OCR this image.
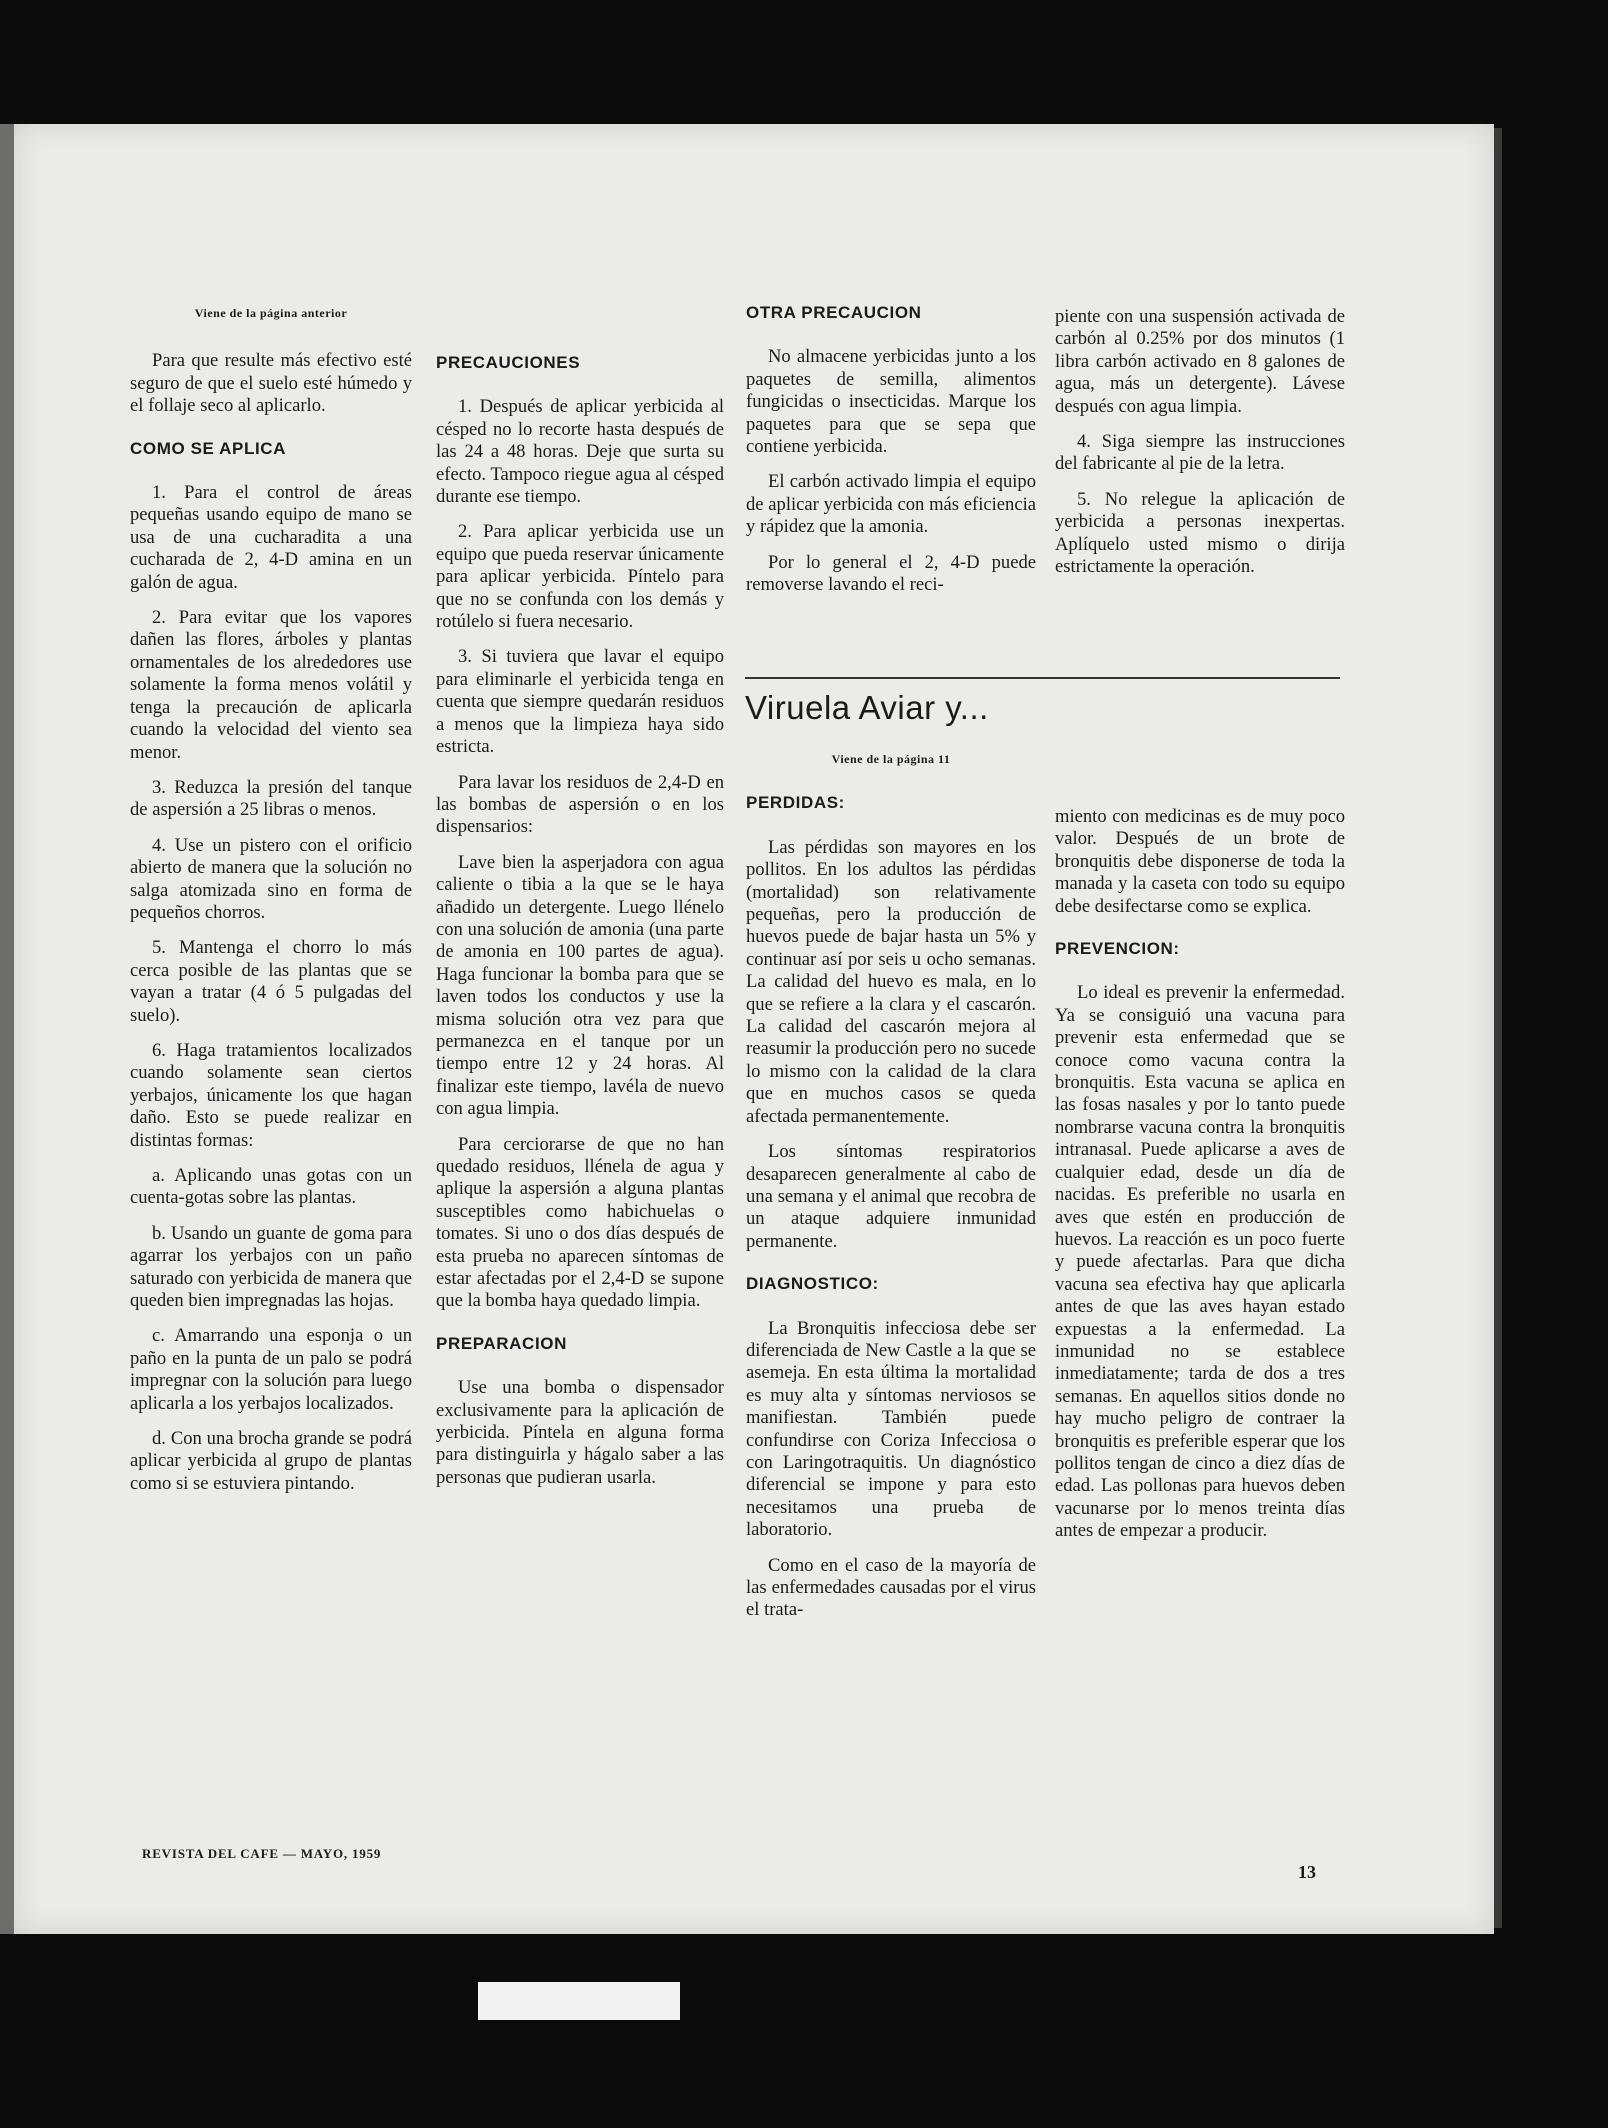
Viene de la página anterior

Para que resulte más efectivo esté seguro de que el suelo esté húmedo y el follaje seco al aplicarlo.

COMO SE APLICA

1. Para el control de áreas pequeñas usando equipo de mano se usa de una cucharadita a una cucharada de 2, 4-D amina en un galón de agua.

2. Para evitar que los vapores dañen las flores, árboles y plantas ornamentales de los alrededores use solamente la forma menos volátil y tenga la precaución de aplicarla cuando la velocidad del viento sea menor.

3. Reduzca la presión del tanque de aspersión a 25 libras o menos.

4. Use un pistero con el orificio abierto de manera que la solución no salga atomizada sino en forma de pequeños chorros.

5. Mantenga el chorro lo más cerca posible de las plantas que se vayan a tratar (4 ó 5 pulgadas del suelo).

6. Haga tratamientos localizados cuando solamente sean ciertos yerbajos, únicamente los que hagan daño. Esto se puede realizar en distintas formas:

a. Aplicando unas gotas con un cuenta-gotas sobre las plantas.

b. Usando un guante de goma para agarrar los yerbajos con un paño saturado con yerbicida de manera que queden bien impregnadas las hojas.

c. Amarrando una esponja o un paño en la punta de un palo se podrá impregnar con la solución para luego aplicarla a los yerbajos localizados.

d. Con una brocha grande se podrá aplicar yerbicida al grupo de plantas como si se estuviera pintando.

PRECAUCIONES

1. Después de aplicar yerbicida al césped no lo recorte hasta después de las 24 a 48 horas. Deje que surta su efecto. Tampoco riegue agua al césped durante ese tiempo.

2. Para aplicar yerbicida use un equipo que pueda reservar únicamente para aplicar yerbicida. Píntelo para que no se confunda con los demás y rotúlelo si fuera necesario.

3. Si tuviera que lavar el equipo para eliminarle el yerbicida tenga en cuenta que siempre quedarán residuos a menos que la limpieza haya sido estricta.

Para lavar los residuos de 2,4-D en las bombas de aspersión o en los dispensarios:

Lave bien la asperjadora con agua caliente o tibia a la que se le haya añadido un detergente. Luego llénelo con una solución de amonia (una parte de amonia en 100 partes de agua). Haga funcionar la bomba para que se laven todos los conductos y use la misma solución otra vez para que permanezca en el tanque por un tiempo entre 12 y 24 horas. Al finalizar este tiempo, lavéla de nuevo con agua limpia.

Para cerciorarse de que no han quedado residuos, llénela de agua y aplique la aspersión a alguna plantas susceptibles como habichuelas o tomates. Si uno o dos días después de esta prueba no aparecen síntomas de estar afectadas por el 2,4-D se supone que la bomba haya quedado limpia.

PREPARACION

Use una bomba o dispensador exclusivamente para la aplicación de yerbicida. Píntela en alguna forma para distinguirla y hágalo saber a las personas que pudieran usarla.

OTRA PRECAUCION

No almacene yerbicidas junto a los paquetes de semilla, alimentos fungicidas o insecticidas. Marque los paquetes para que se sepa que contiene yerbicida.

El carbón activado limpia el equipo de aplicar yerbicida con más eficiencia y rápidez que la amonia.

Por lo general el 2, 4-D puede removerse lavando el reci-

piente con una suspensión activada de carbón al 0.25% por dos minutos (1 libra carbón activado en 8 galones de agua, más un detergente). Lávese después con agua limpia.

4. Siga siempre las instrucciones del fabricante al pie de la letra.

5. No relegue la aplicación de yerbicida a personas inexpertas. Aplíquelo usted mismo o dirija estrictamente la operación.

Viruela Aviar y...
Viene de la página 11
PERDIDAS:

Las pérdidas son mayores en los pollitos. En los adultos las pérdidas (mortalidad) son relativamente pequeñas, pero la producción de huevos puede de bajar hasta un 5% y continuar así por seis u ocho semanas. La calidad del huevo es mala, en lo que se refiere a la clara y el cascarón. La calidad del cascarón mejora al reasumir la producción pero no sucede lo mismo con la calidad de la clara que en muchos casos se queda afectada permanentemente.

Los síntomas respiratorios desaparecen generalmente al cabo de una semana y el animal que recobra de un ataque adquiere inmunidad permanente.

DIAGNOSTICO:

La Bronquitis infecciosa debe ser diferenciada de New Castle a la que se asemeja. En esta última la mortalidad es muy alta y síntomas nerviosos se manifiestan. También puede confundirse con Coriza Infecciosa o con Laringotraquitis. Un diagnóstico diferencial se impone y para esto necesitamos una prueba de laboratorio.

Como en el caso de la mayoría de las enfermedades causadas por el virus el trata-

miento con medicinas es de muy poco valor. Después de un brote de bronquitis debe disponerse de toda la manada y la caseta con todo su equipo debe desifectarse como se explica.

PREVENCION:

Lo ideal es prevenir la enfermedad. Ya se consiguió una vacuna para prevenir esta enfermedad que se conoce como vacuna contra la bronquitis. Esta vacuna se aplica en las fosas nasales y por lo tanto puede nombrarse vacuna contra la bronquitis intranasal. Puede aplicarse a aves de cualquier edad, desde un día de nacidas. Es preferible no usarla en aves que estén en producción de huevos. La reacción es un poco fuerte y puede afectarlas. Para que dicha vacuna sea efectiva hay que aplicarla antes de que las aves hayan estado expuestas a la enfermedad. La inmunidad no se establece inmediatamente; tarda de dos a tres semanas. En aquellos sitios donde no hay mucho peligro de contraer la bronquitis es preferible esperar que los pollitos tengan de cinco a diez días de edad. Las pollonas para huevos deben vacunarse por lo menos treinta días antes de empezar a producir.

REVISTA DEL CAFE — MAYO, 1959
13
